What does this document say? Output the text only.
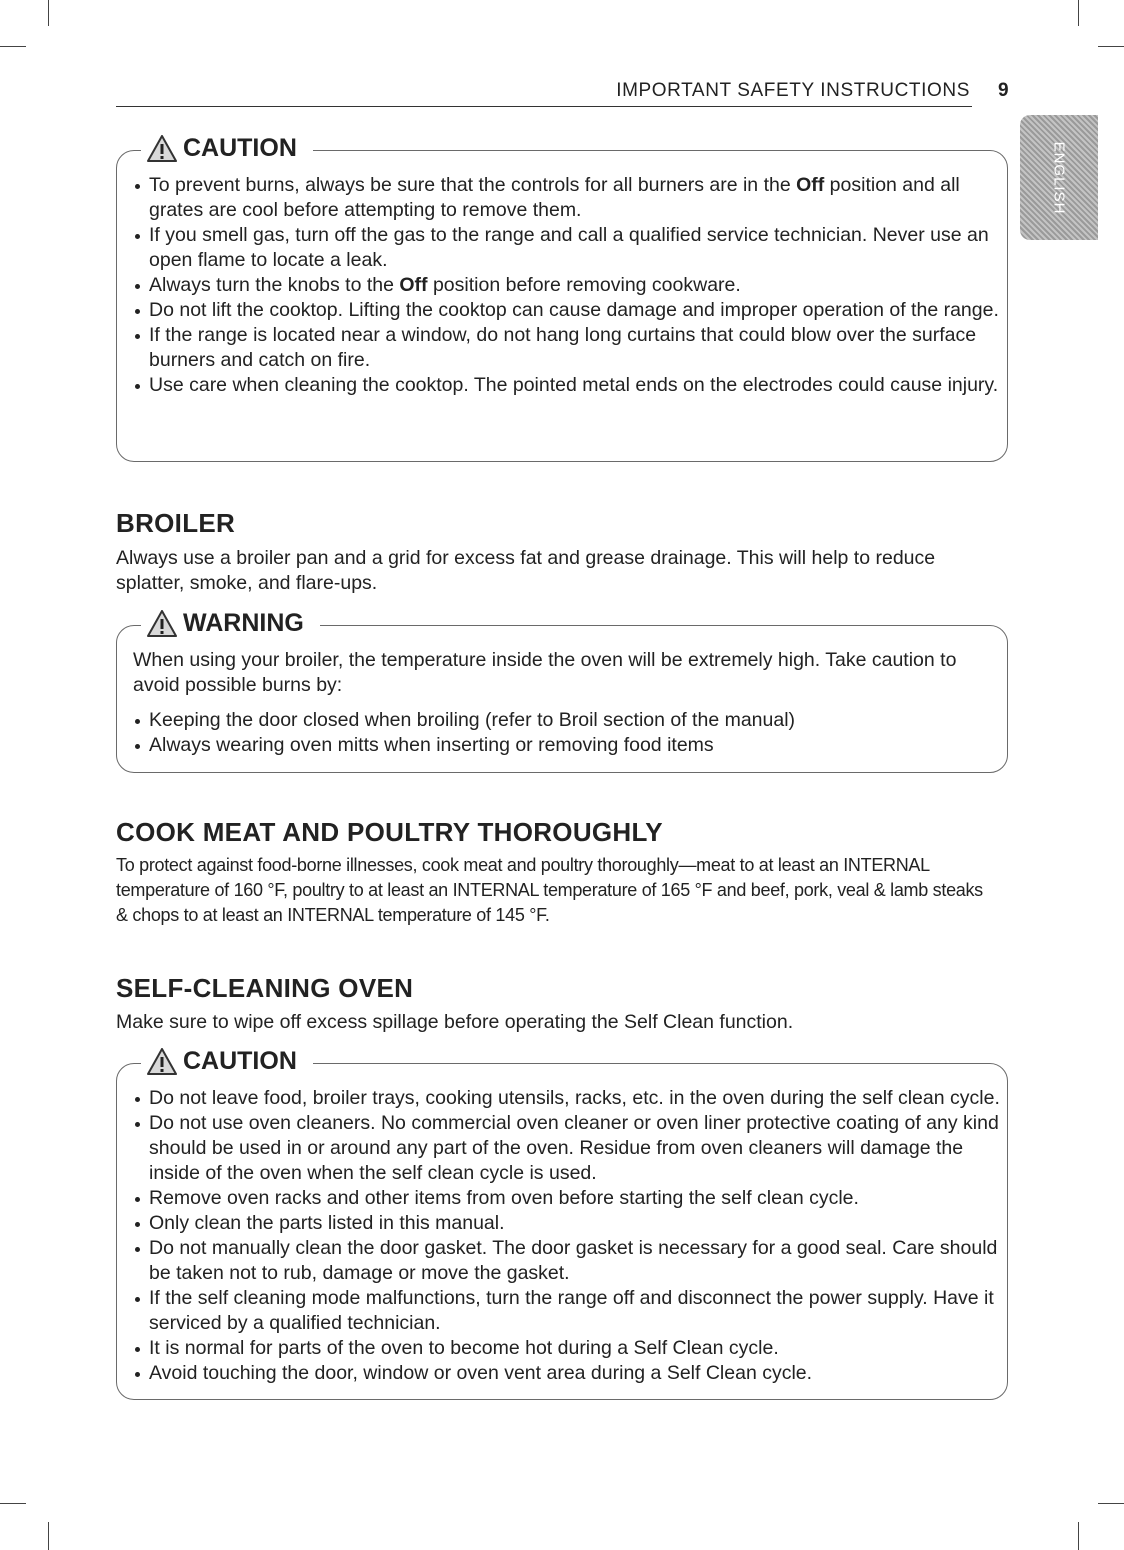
IMPORTANT SAFETY INSTRUCTIONS 9
ENGLISH
CAUTION
To prevent burns, always be sure that the controls for all burners are in the Off position and all grates are cool before attempting to remove them.
If you smell gas, turn off the gas to the range and call a qualified service technician. Never use an open flame to locate a leak.
Always turn the knobs to the Off position before removing cookware.
Do not lift the cooktop. Lifting the cooktop can cause damage and improper operation of the range.
If the range is located near a window, do not hang long curtains that could blow over the surface burners and catch on fire.
Use care when cleaning the cooktop. The pointed metal ends on the electrodes could cause injury.
BROILER

Always use a broiler pan and a grid for excess fat and grease drainage. This will help to reduce splatter, smoke, and flare-ups.

WARNING

When using your broiler, the temperature inside the oven will be extremely high. Take caution to avoid possible burns by:

Keeping the door closed when broiling (refer to Broil section of the manual)
Always wearing oven mitts when inserting or removing food items
COOK MEAT AND POULTRY THOROUGHLY

To protect against food-borne illnesses, cook meat and poultry thoroughly—meat to at least an INTERNAL temperature of 160 °F, poultry to at least an INTERNAL temperature of 165 °F and beef, pork, veal & lamb steaks & chops to at least an INTERNAL temperature of 145 °F.

SELF-CLEANING OVEN

Make sure to wipe off excess spillage before operating the Self Clean function.

CAUTION
Do not leave food, broiler trays, cooking utensils, racks, etc. in the oven during the self clean cycle.
Do not use oven cleaners. No commercial oven cleaner or oven liner protective coating of any kind should be used in or around any part of the oven. Residue from oven cleaners will damage the inside of the oven when the self clean cycle is used.
Remove oven racks and other items from oven before starting the self clean cycle.
Only clean the parts listed in this manual.
Do not manually clean the door gasket. The door gasket is necessary for a good seal. Care should be taken not to rub, damage or move the gasket.
If the self cleaning mode malfunctions, turn the range off and disconnect the power supply. Have it serviced by a qualified technician.
It is normal for parts of the oven to become hot during a Self Clean cycle.
Avoid touching the door, window or oven vent area during a Self Clean cycle.
